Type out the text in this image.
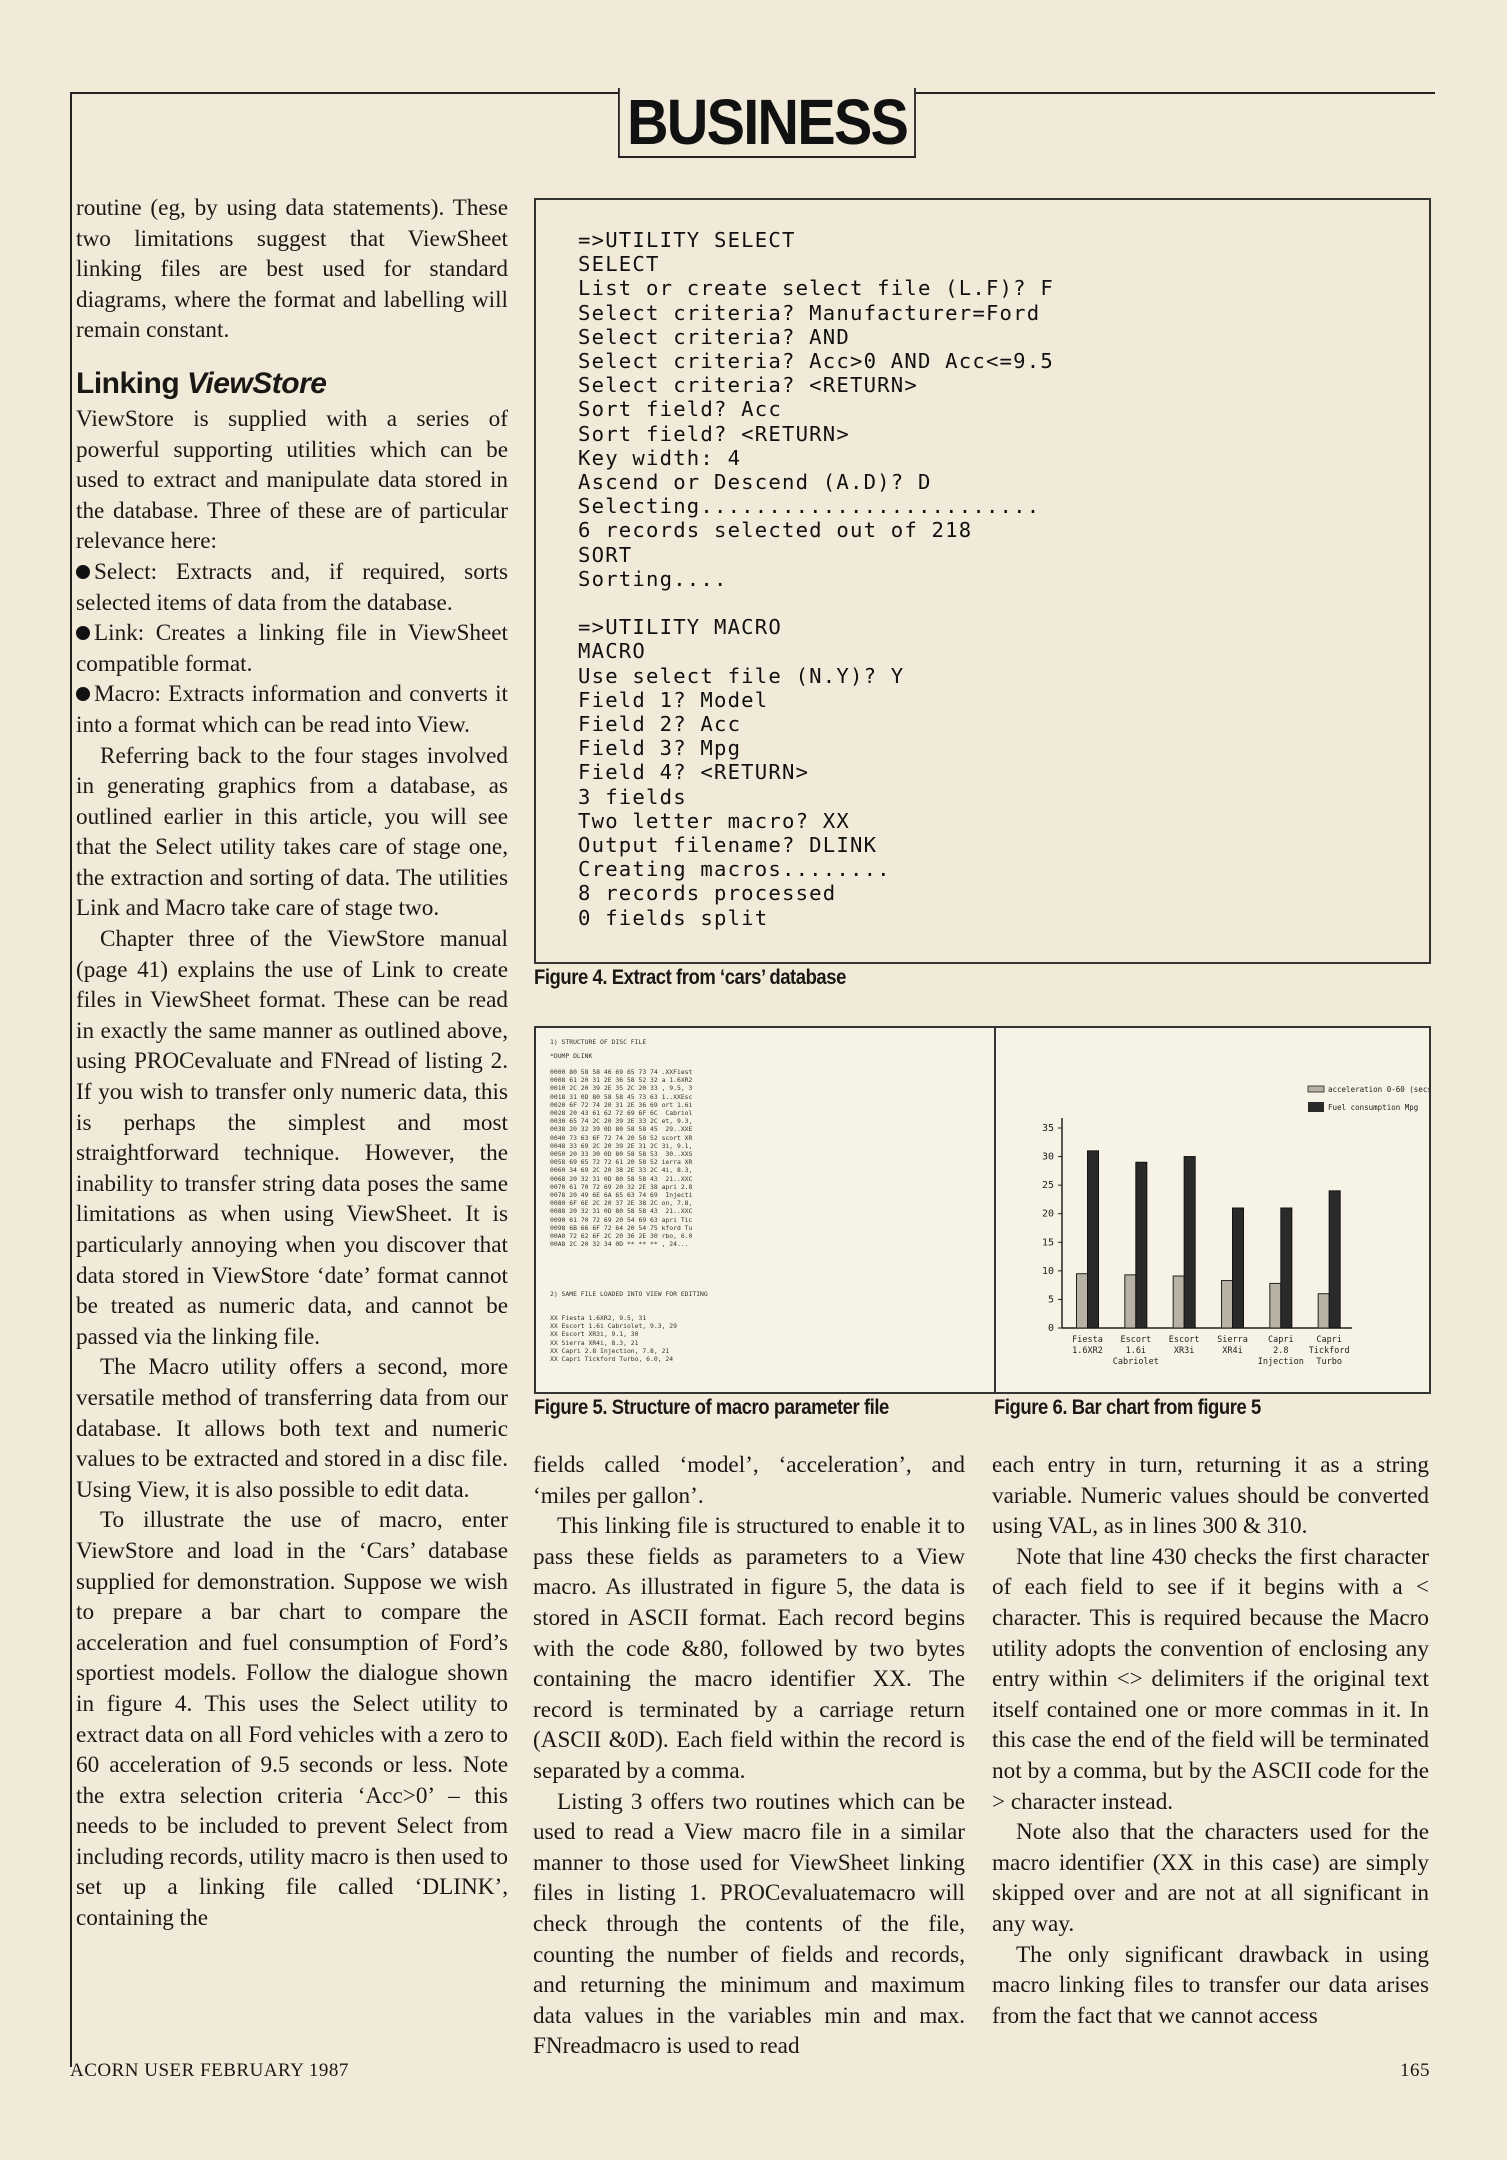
BUSINESS

routine (eg, by using data statements). These two limitations suggest that ViewSheet linking files are best used for standard diagrams, where the format and labelling will remain constant.

Linking ViewStore

ViewStore is supplied with a series of powerful supporting utilities which can be used to extract and manipulate data stored in the database. Three of these are of particular relevance here:

Select: Extracts and, if required, sorts selected items of data from the database.

Link: Creates a linking file in ViewSheet compatible format.

Macro: Extracts information and converts it into a format which can be read into View.

Referring back to the four stages involved in generating graphics from a database, as outlined earlier in this article, you will see that the Select utility takes care of stage one, the extraction and sorting of data. The utilities Link and Macro take care of stage two.

Chapter three of the ViewStore manual (page 41) explains the use of Link to create files in ViewSheet format. These can be read in exactly the same manner as outlined above, using PROCevaluate and FNread of listing 2. If you wish to transfer only numeric data, this is perhaps the simplest and most straightforward technique. However, the inability to transfer string data poses the same limitations as when using ViewSheet. It is particularly annoying when you discover that data stored in ViewStore ‘date’ format cannot be treated as numeric data, and cannot be passed via the linking file.

The Macro utility offers a second, more versatile method of transferring data from our database. It allows both text and numeric values to be extracted and stored in a disc file. Using View, it is also possible to edit data.

To illustrate the use of macro, enter ViewStore and load in the ‘Cars’ database supplied for demonstration. Suppose we wish to prepare a bar chart to compare the acceleration and fuel consumption of Ford’s sportiest models. Follow the dialogue shown in figure 4. This uses the Select utility to extract data on all Ford vehicles with a zero to 60 acceleration of 9.5 seconds or less. Note the extra selection criteria ‘Acc>0’ – this needs to be included to prevent Select from including records, utility macro is then used to set up a linking file called ‘DLINK’, containing the

=>UTILITY SELECT
SELECT
List or create select file (L.F)? F
Select criteria? Manufacturer=Ford
Select criteria? AND
Select criteria? Acc>0 AND Acc<=9.5
Select criteria? <RETURN>
Sort field? Acc
Sort field? <RETURN>
Key width: 4
Ascend or Descend (A.D)? D
Selecting.........................
6 records selected out of 218
SORT
Sorting....

=>UTILITY MACRO
MACRO
Use select file (N.Y)? Y
Field 1? Model
Field 2? Acc
Field 3? Mpg
Field 4? <RETURN>
3 fields
Two letter macro? XX
Output filename? DLINK
Creating macros........
8 records processed
0 fields split
Figure 4. Extract from ‘cars’ database
1) STRUCTURE OF DISC FILE
*DUMP DLINK
0000 80 58 58 46 69 65 73 74 .XXFiest
0008 61 20 31 2E 36 58 52 32 a 1.6XR2
0010 2C 20 39 2E 35 2C 20 33 , 9.5, 3
0018 31 0D 80 58 58 45 73 63 1..XXEsc
0020 6F 72 74 20 31 2E 36 69 ort 1.6i
0028 20 43 61 62 72 69 6F 6C  Cabriol
0030 65 74 2C 20 39 2E 33 2C et, 9.3,
0038 20 32 39 0D 80 58 58 45  29..XXE
0040 73 63 6F 72 74 20 58 52 scort XR
0048 33 69 2C 20 39 2E 31 2C 3i, 9.1,
0050 20 33 30 0D 80 58 58 53  30..XXS
0058 69 65 72 72 61 20 58 52 ierra XR
0060 34 69 2C 20 38 2E 33 2C 4i, 8.3,
0068 20 32 31 0D 80 58 58 43  21..XXC
0070 61 70 72 69 20 32 2E 38 apri 2.8
0078 20 49 6E 6A 65 63 74 69  Injecti
0080 6F 6E 2C 20 37 2E 38 2C on, 7.8,
0088 20 32 31 0D 80 58 58 43  21..XXC
0090 61 70 72 69 20 54 69 63 apri Tic
0098 6B 66 6F 72 64 20 54 75 kford Tu
00A0 72 62 6F 2C 20 36 2E 30 rbo, 6.0
00A8 2C 20 32 34 0D ** ** ** , 24...
2) SAME FILE LOADED INTO VIEW FOR EDITING
XX Fiesta 1.6XR2, 9.5, 31
XX Escort 1.6i Cabriolet, 9.3, 29
XX Escort XR3i, 9.1, 30
XX Sierra XR4i, 8.3, 21
XX Capri 2.8 Injection, 7.8, 21
XX Capri Tickford Turbo, 6.0, 24
Figure 5. Structure of macro parameter file
0
5
10
15
20
25
30
35
Fiesta
1.6XR2
Escort
1.6i
Cabriolet
Escort
XR3i
Sierra
XR4i
Capri
2.8
Injection
Capri
Tickford
Turbo
acceleration 0-60 (secs)
Fuel consumption Mpg
Figure 6. Bar chart from figure 5

fields called ‘model’, ‘acceleration’, and ‘miles per gallon’.

This linking file is structured to enable it to pass these fields as parameters to a View macro. As illustrated in figure 5, the data is stored in ASCII format. Each record begins with the code &80, followed by two bytes containing the macro identifier XX. The record is terminated by a carriage return (ASCII &0D). Each field within the record is separated by a comma.

Listing 3 offers two routines which can be used to read a View macro file in a similar manner to those used for ViewSheet linking files in listing 1. PROCevaluatemacro will check through the contents of the file, counting the number of fields and records, and returning the minimum and maximum data values in the variables min and max. FNreadmacro is used to read

each entry in turn, returning it as a string variable. Numeric values should be converted using VAL, as in lines 300 & 310.

Note that line 430 checks the first character of each field to see if it begins with a < character. This is required because the Macro utility adopts the convention of enclosing any entry within <> delimiters if the original text itself contained one or more commas in it. In this case the end of the field will be terminated not by a comma, but by the ASCII code for the > character instead.

Note also that the characters used for the macro identifier (XX in this case) are simply skipped over and are not at all significant in any way.

The only significant drawback in using macro linking files to transfer our data arises from the fact that we cannot access

ACORN USER FEBRUARY 1987	165
